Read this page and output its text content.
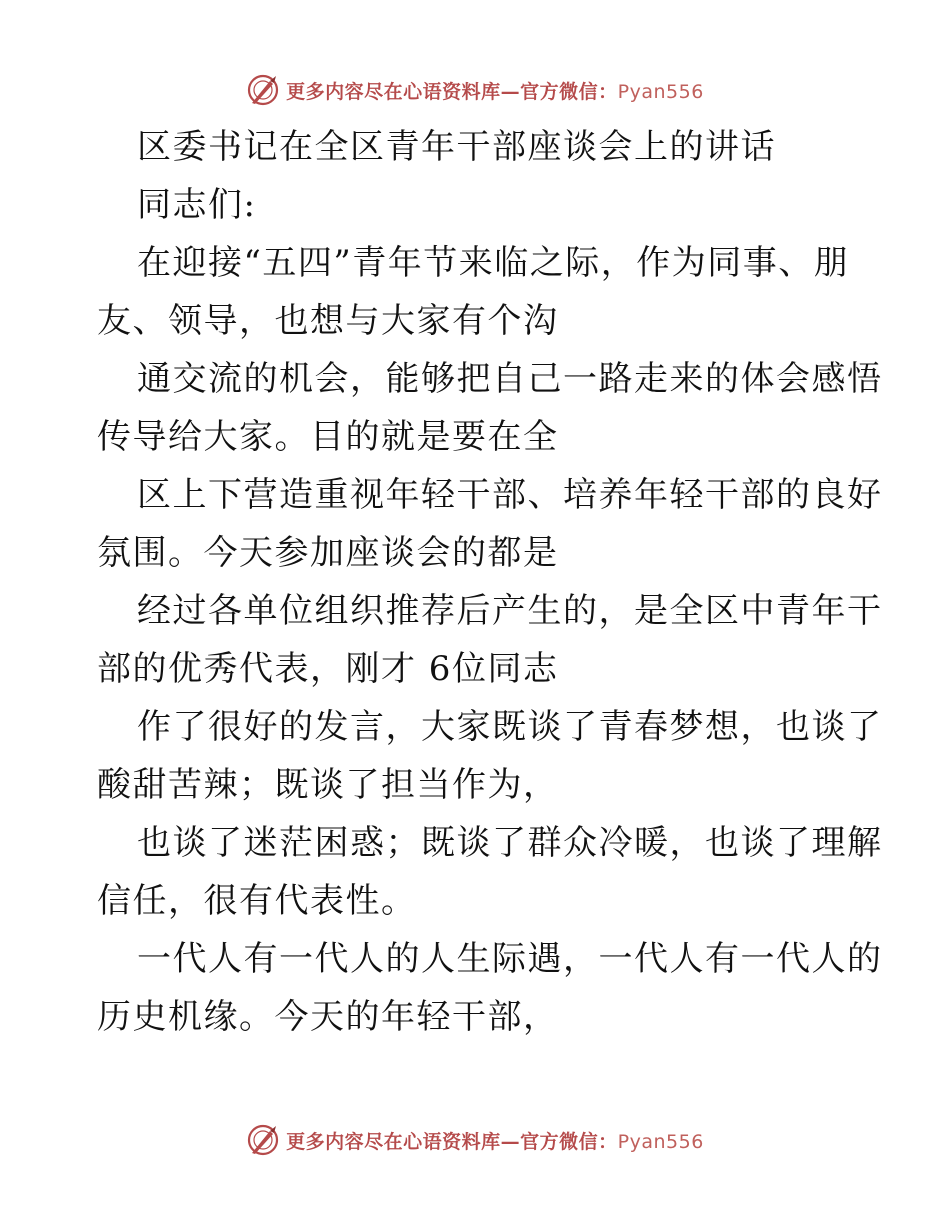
更多内容尽在心语资料库—官方微信：Pyan556
区委书记在全区青年干部座谈会上的讲话
同志们:
在迎接“五四”青年节来临之际，作为同事、朋
友、领导，也想与大家有个沟
通交流的机会，能够把自己一路走来的体会感悟
传导给大家。目的就是要在全
区上下营造重视年轻干部、培养年轻干部的良好
氛围。今天参加座谈会的都是
经过各单位组织推荐后产生的，是全区中青年干
部的优秀代表，刚才 6位同志
作了很好的发言，大家既谈了青春梦想，也谈了
酸甜苦辣；既谈了担当作为，
也谈了迷茫困惑；既谈了群众冷暖，也谈了理解
信任，很有代表性。
一代人有一代人的人生际遇，一代人有一代人的
历史机缘。今天的年轻干部，
更多内容尽在心语资料库—官方微信：Pyan556
